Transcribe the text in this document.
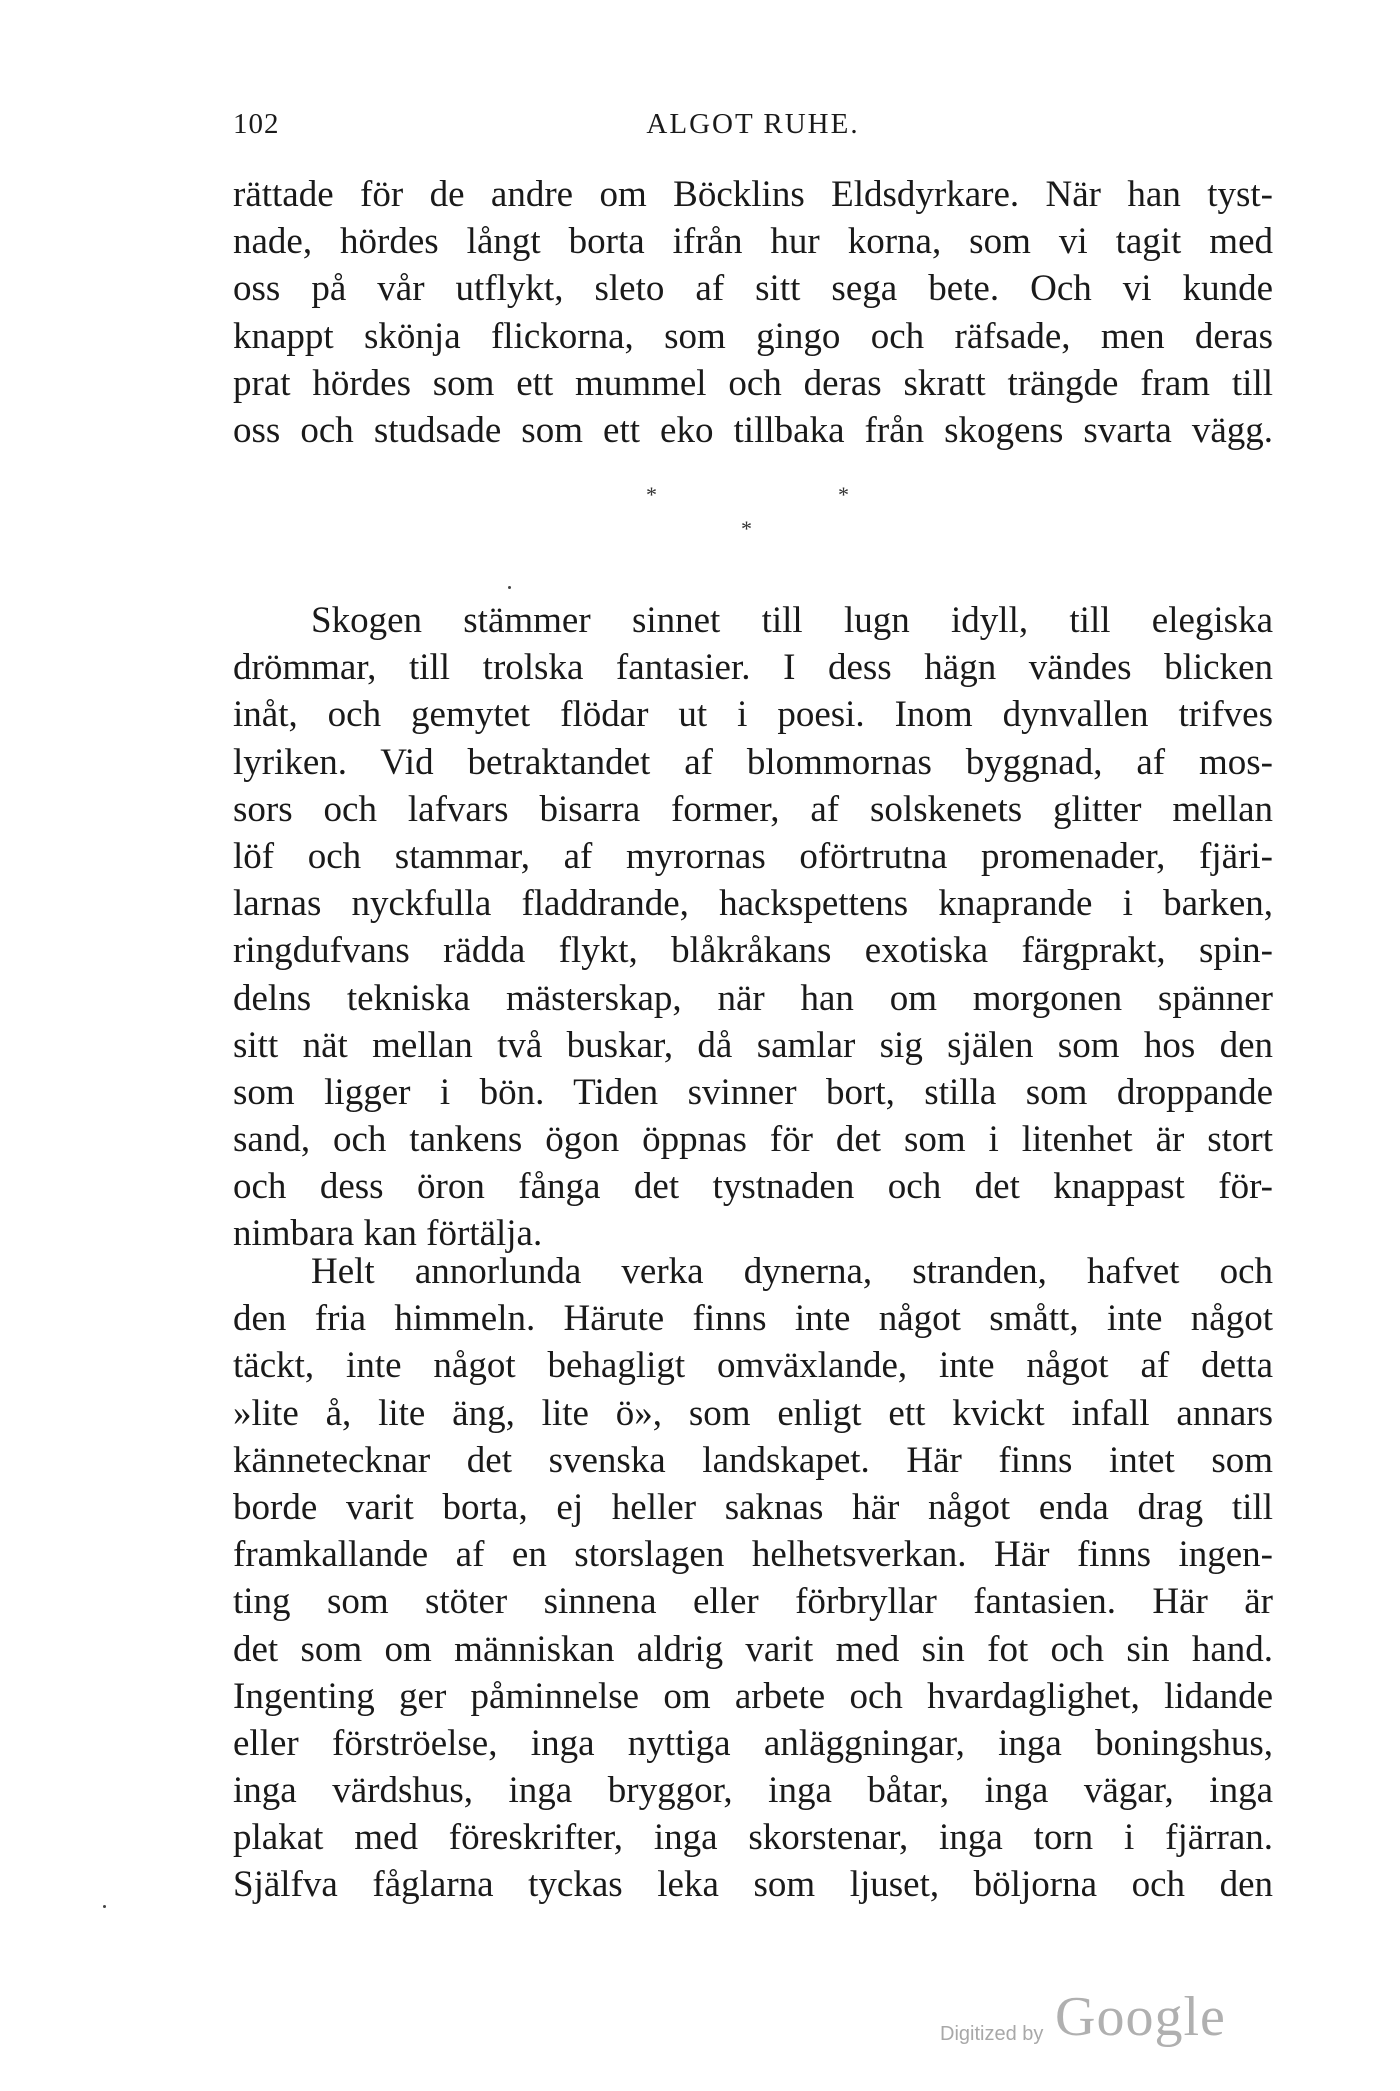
102	ALGOT RUHE.
rättade för de andre om Böcklins Eldsdyrkare. När han tyst-
nade, hördes långt borta ifrån hur korna, som vi tagit med
oss på vår utflykt, sleto af sitt sega bete. Och vi kunde
knappt skönja flickorna, som gingo och räfsade, men deras
prat hördes som ett mummel och deras skratt trängde fram till
oss och studsade som ett eko tillbaka från skogens svarta vägg.
*	*
*
Skogen stämmer sinnet till lugn idyll, till elegiska
drömmar, till trolska fantasier. I dess hägn vändes blicken
inåt, och gemytet flödar ut i poesi. Inom dynvallen trifves
lyriken. Vid betraktandet af blommornas byggnad, af mos-
sors och lafvars bisarra former, af solskenets glitter mellan
löf och stammar, af myrornas oförtrutna promenader, fjäri-
larnas nyckfulla fladdrande, hackspettens knaprande i barken,
ringdufvans rädda flykt, blåkråkans exotiska färgprakt, spin-
delns tekniska mästerskap, när han om morgonen spänner
sitt nät mellan två buskar, då samlar sig själen som hos den
som ligger i bön. Tiden svinner bort, stilla som droppande
sand, och tankens ögon öppnas för det som i litenhet är stort
och dess öron fånga det tystnaden och det knappast för-
nimbara kan förtälja.
Helt annorlunda verka dynerna, stranden, hafvet och
den fria himmeln. Härute finns inte något smått, inte något
täckt, inte något behagligt omväxlande, inte något af detta
»lite å, lite äng, lite ö», som enligt ett kvickt infall annars
kännetecknar det svenska landskapet. Här finns intet som
borde varit borta, ej heller saknas här något enda drag till
framkallande af en storslagen helhetsverkan. Här finns ingen-
ting som stöter sinnena eller förbryllar fantasien. Här är
det som om människan aldrig varit med sin fot och sin hand.
Ingenting ger påminnelse om arbete och hvardaglighet, lidande
eller förströelse, inga nyttiga anläggningar, inga boningshus,
inga värdshus, inga bryggor, inga båtar, inga vägar, inga
plakat med föreskrifter, inga skorstenar, inga torn i fjärran.
Själfva fåglarna tyckas leka som ljuset, böljorna och den
Digitized by Google
